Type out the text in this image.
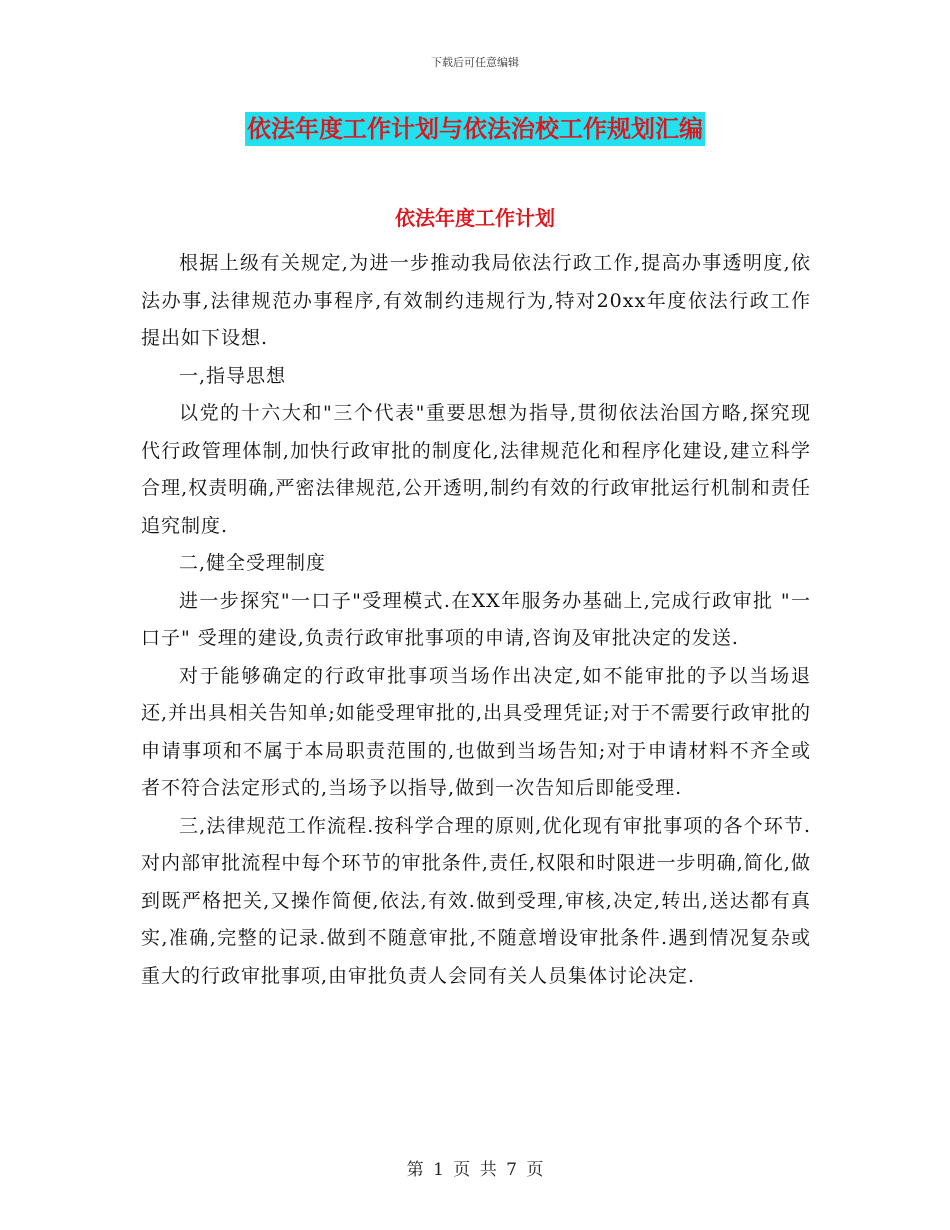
下载后可任意编辑
依法年度工作计划与依法治校工作规划汇编
依法年度工作计划

根据上级有关规定,为进一步推动我局依法行政工作,提高办事透明度,依法办事,法律规范办事程序,有效制约违规行为,特对20xx年度依法行政工作提出如下设想.

一,指导思想

以党的十六大和"三个代表"重要思想为指导,贯彻依法治国方略,探究现代行政管理体制,加快行政审批的制度化,法律规范化和程序化建设,建立科学合理,权责明确,严密法律规范,公开透明,制约有效的行政审批运行机制和责任追究制度.

二,健全受理制度

进一步探究"一口子"受理模式.在XX年服务办基础上,完成行政审批 "一口子" 受理的建设,负责行政审批事项的申请,咨询及审批决定的发送.

对于能够确定的行政审批事项当场作出决定,如不能审批的予以当场退还,并出具相关告知单;如能受理审批的,出具受理凭证;对于不需要行政审批的申请事项和不属于本局职责范围的,也做到当场告知;对于申请材料不齐全或者不符合法定形式的,当场予以指导,做到一次告知后即能受理.

三,法律规范工作流程.按科学合理的原则,优化现有审批事项的各个环节.对内部审批流程中每个环节的审批条件,责任,权限和时限进一步明确,简化,做到既严格把关,又操作简便,依法,有效.做到受理,审核,决定,转出,送达都有真实,准确,完整的记录.做到不随意审批,不随意增设审批条件.遇到情况复杂或重大的行政审批事项,由审批负责人会同有关人员集体讨论决定.

第 1 页 共 7 页
